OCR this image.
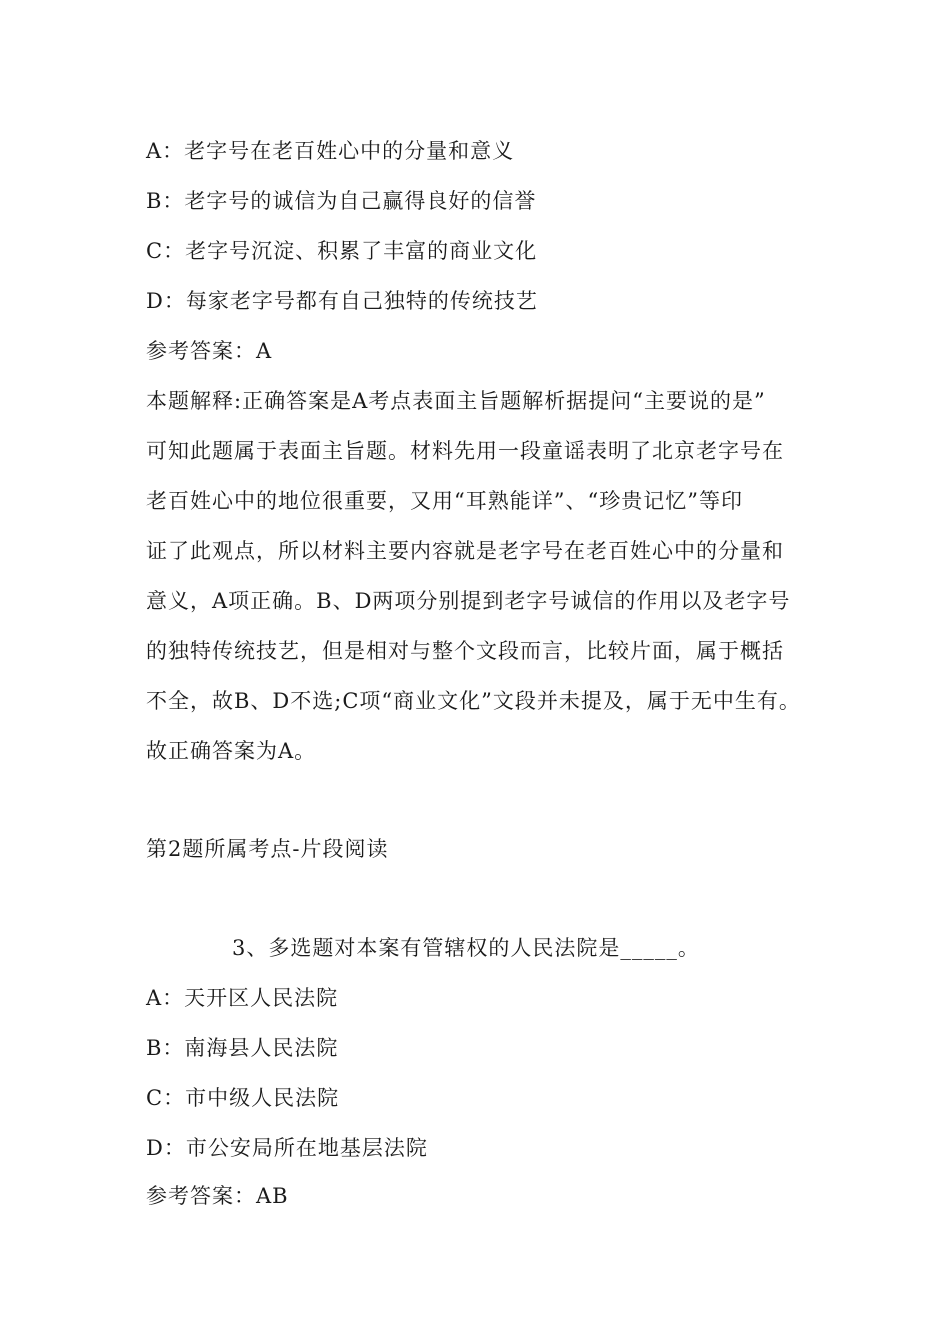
A：老字号在老百姓心中的分量和意义
B：老字号的诚信为自己赢得良好的信誉
C：老字号沉淀、积累了丰富的商业文化
D：每家老字号都有自己独特的传统技艺
参考答案：A
本题解释:正确答案是A考点表面主旨题解析据提问“主要说的是”
可知此题属于表面主旨题。材料先用一段童谣表明了北京老字号在
老百姓心中的地位很重要，又用“耳熟能详”、“珍贵记忆”等印
证了此观点，所以材料主要内容就是老字号在老百姓心中的分量和
意义，A项正确。B、D两项分别提到老字号诚信的作用以及老字号
的独特传统技艺，但是相对与整个文段而言，比较片面，属于概括
不全，故B、D不选;C项“商业文化”文段并未提及，属于无中生有。
故正确答案为A。
第2题所属考点-片段阅读
3、多选题对本案有管辖权的人民法院是_____。
A：天开区人民法院
B：南海县人民法院
C：市中级人民法院
D：市公安局所在地基层法院
参考答案：AB
